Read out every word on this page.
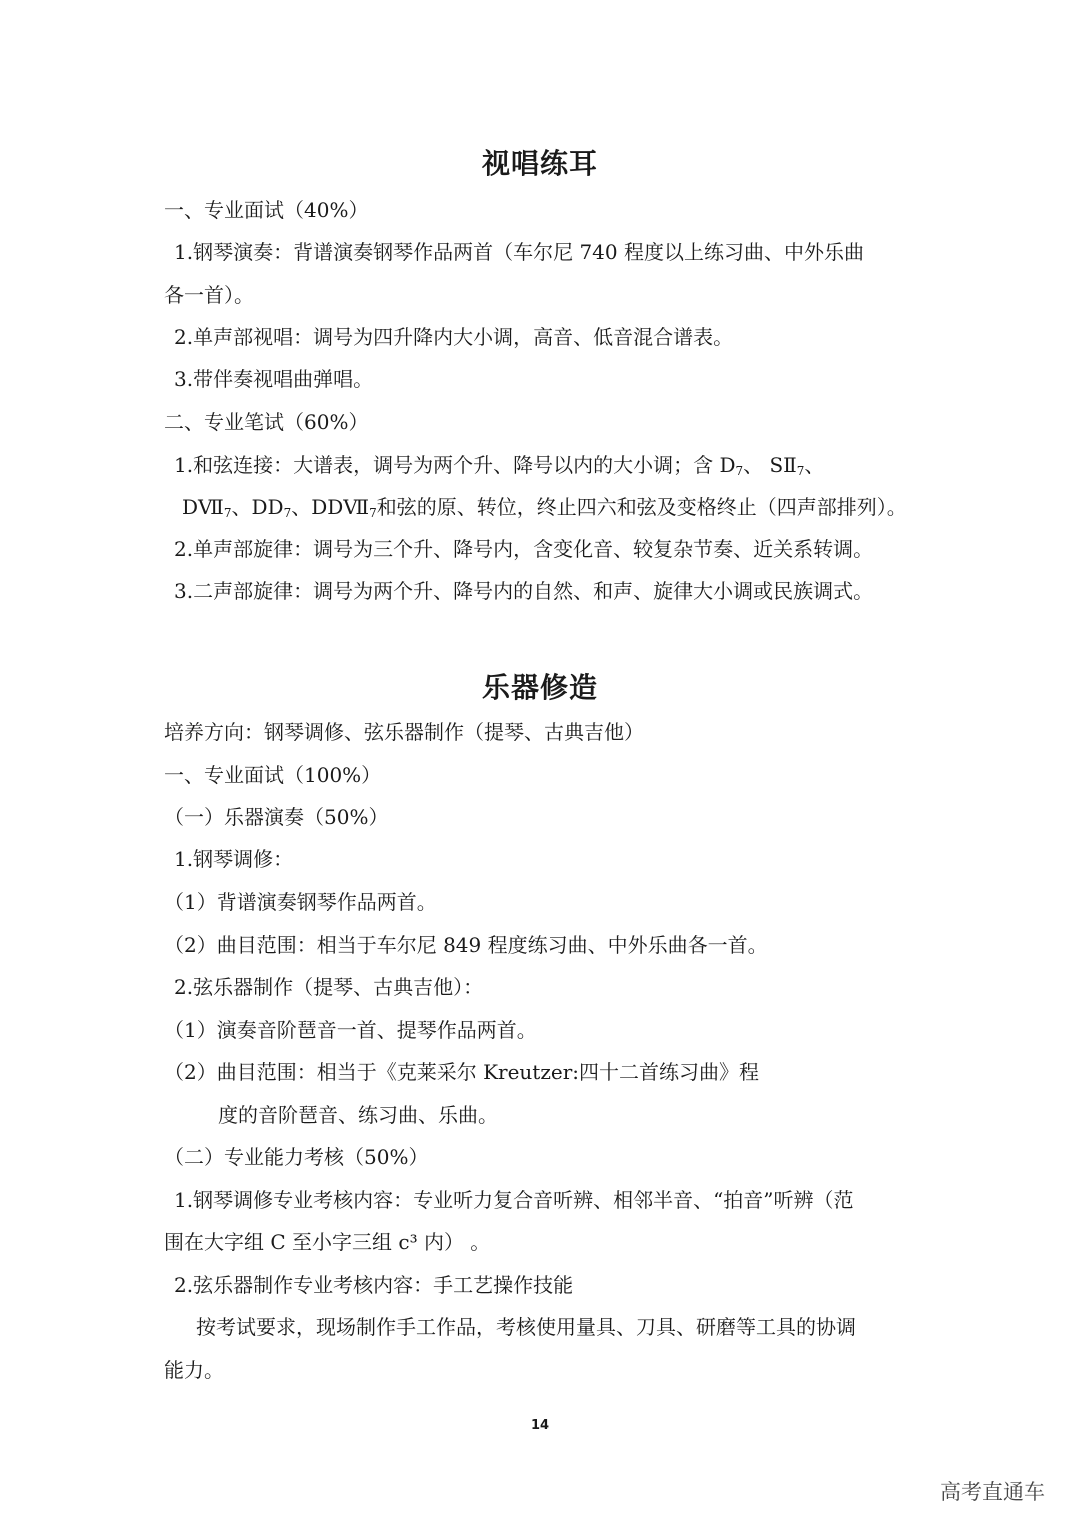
视唱练耳

一、专业面试（40%）

1.钢琴演奏：背谱演奏钢琴作品两首（车尔尼 740 程度以上练习曲、中外乐曲

各一首）。

2.单声部视唱：调号为四升降内大小调，高音、低音混合谱表。

3.带伴奏视唱曲弹唱。

二、专业笔试（60%）

1.和弦连接：大谱表，调号为两个升、降号以内的大小调；含 $D_7$、 $SⅡ_7$、

$DⅦ_7$、$DD_7$、$DDⅦ_7$和弦的原、转位，终止四六和弦及变格终止（四声部排列）。

2.单声部旋律：调号为三个升、降号内，含变化音、较复杂节奏、近关系转调。

3.二声部旋律：调号为两个升、降号内的自然、和声、旋律大小调或民族调式。

乐器修造

培养方向：钢琴调修、弦乐器制作（提琴、古典吉他）

一、专业面试（100%）

（一）乐器演奏（50%）

1.钢琴调修：

（1）背谱演奏钢琴作品两首。

（2）曲目范围：相当于车尔尼 849 程度练习曲、中外乐曲各一首。

2.弦乐器制作（提琴、古典吉他）：

（1）演奏音阶琶音一首、提琴作品两首。

（2）曲目范围：相当于《克莱采尔 Kreutzer:四十二首练习曲》程

度的音阶琶音、练习曲、乐曲。

（二）专业能力考核（50%）

1.钢琴调修专业考核内容：专业听力复合音听辨、相邻半音、“拍音”听辨（范

围在大字组 C 至小字三组 c³ 内） 。

2.弦乐器制作专业考核内容：手工艺操作技能

按考试要求，现场制作手工作品，考核使用量具、刀具、研磨等工具的协调

能力。

14
高考直通车
